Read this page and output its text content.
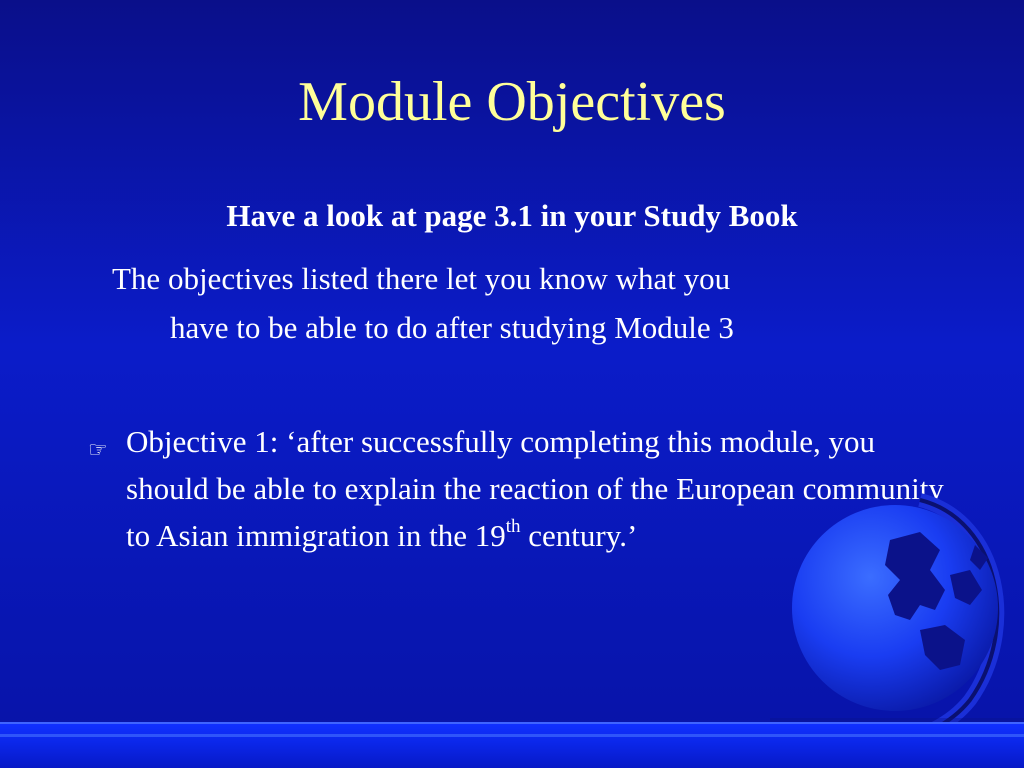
Module Objectives

Have a look at page 3.1 in your Study Book

The objectives listed there let you know what you
have to be able to do after studying Module 3
☞ Objective 1: ‘after successfully completing this module, you should be able to explain the reaction of the European community to Asian immigration in the 19th century.’
